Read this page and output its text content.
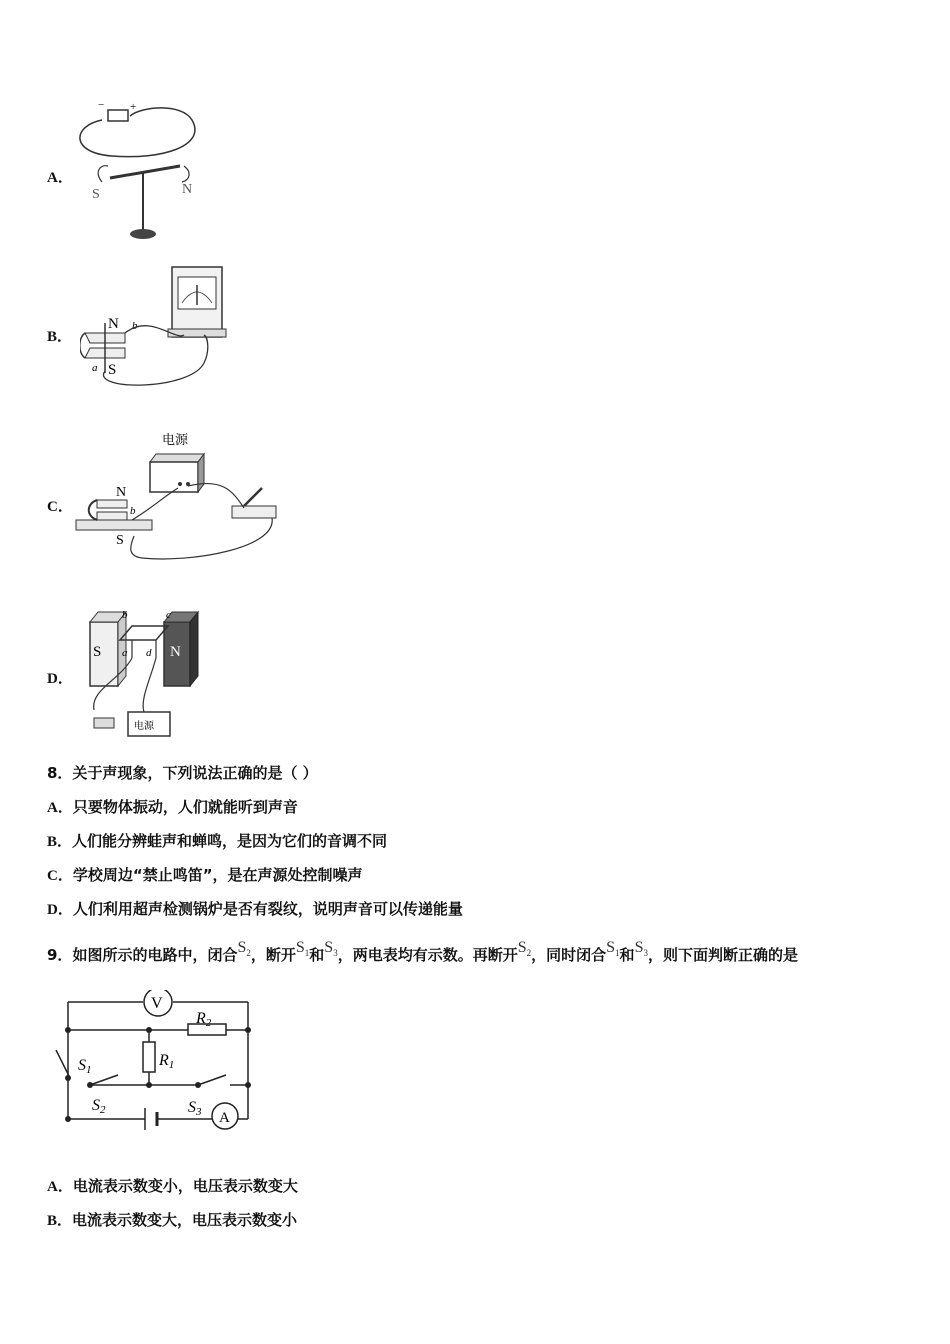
A．
− +
S	N
B．
N
S
a
b
C．
电源
N
S
b
D．
S	N
b	c
a d
电源
8．关于声现象，下列说法正确的是（ ）
A．只要物体振动，人们就能听到声音
B．人们能分辨蛙声和蝉鸣，是因为它们的音调不同
C．学校周边“禁止鸣笛”，是在声源处控制噪声
D．人们利用超声检测锅炉是否有裂纹，说明声音可以传递能量
9．如图所示的电路中，闭合$S_2$，断开$S_1$和$S_3$，两电表均有示数。再断开$S_2$，同时闭合$S_1$和$S_3$，则下面判断正确的是
V
A
R2
R1
S1
S2	S3
A．电流表示数变小，电压表示数变大
B．电流表示数变大，电压表示数变小
